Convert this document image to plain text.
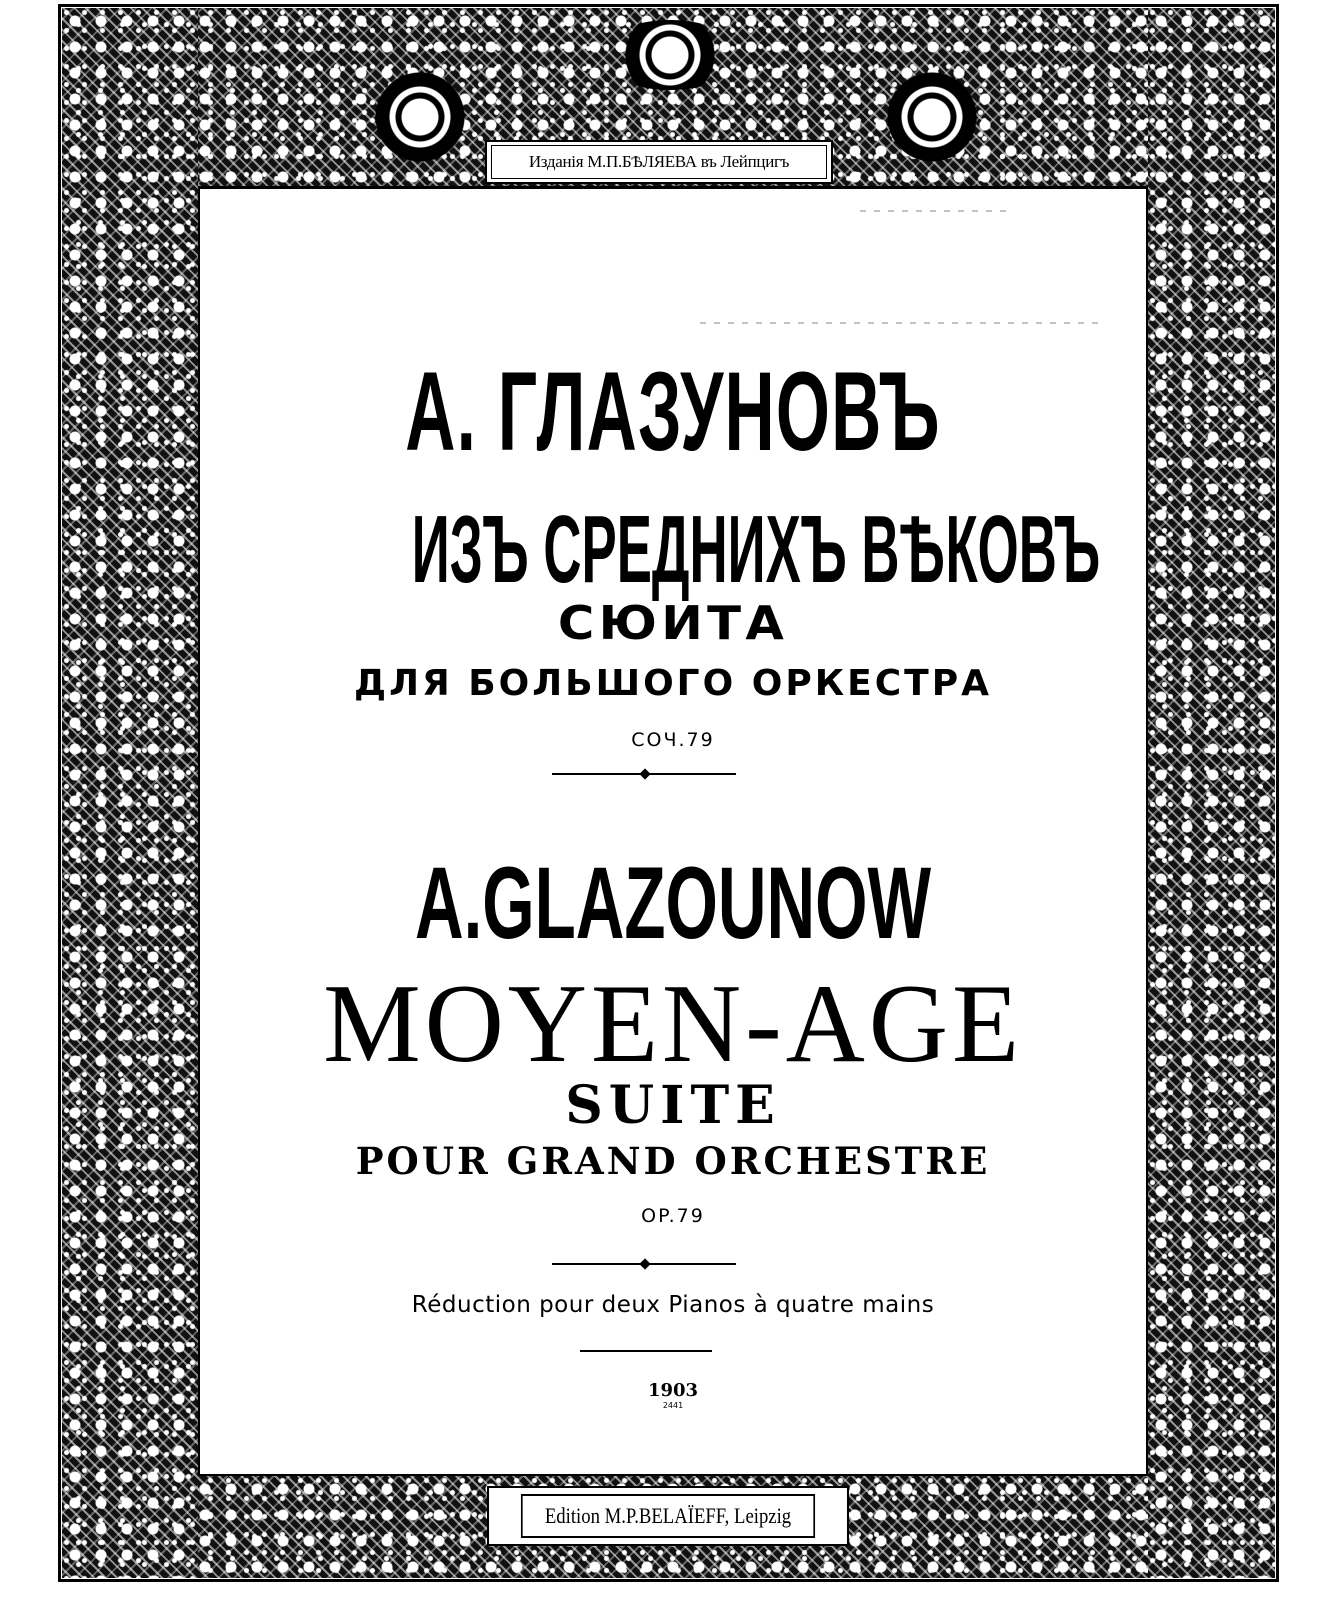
Изданія М.П.БѢЛЯЕВА въ Лейпцигъ

А. ГЛАЗУНОВЪ

ИЗЪ СРЕДНИХЪ ВѢКОВЪ

СЮИТА

ДЛЯ БОЛЬШОГО ОРКЕСТРА

СОЧ.79

A.GLAZOUNOW

MOYEN-AGE

SUITE

POUR GRAND ORCHESTRE

OP.79

Réduction pour deux Pianos à quatre mains

1903

2441

Edition M.P.BELAÏEFF, Leipzig
